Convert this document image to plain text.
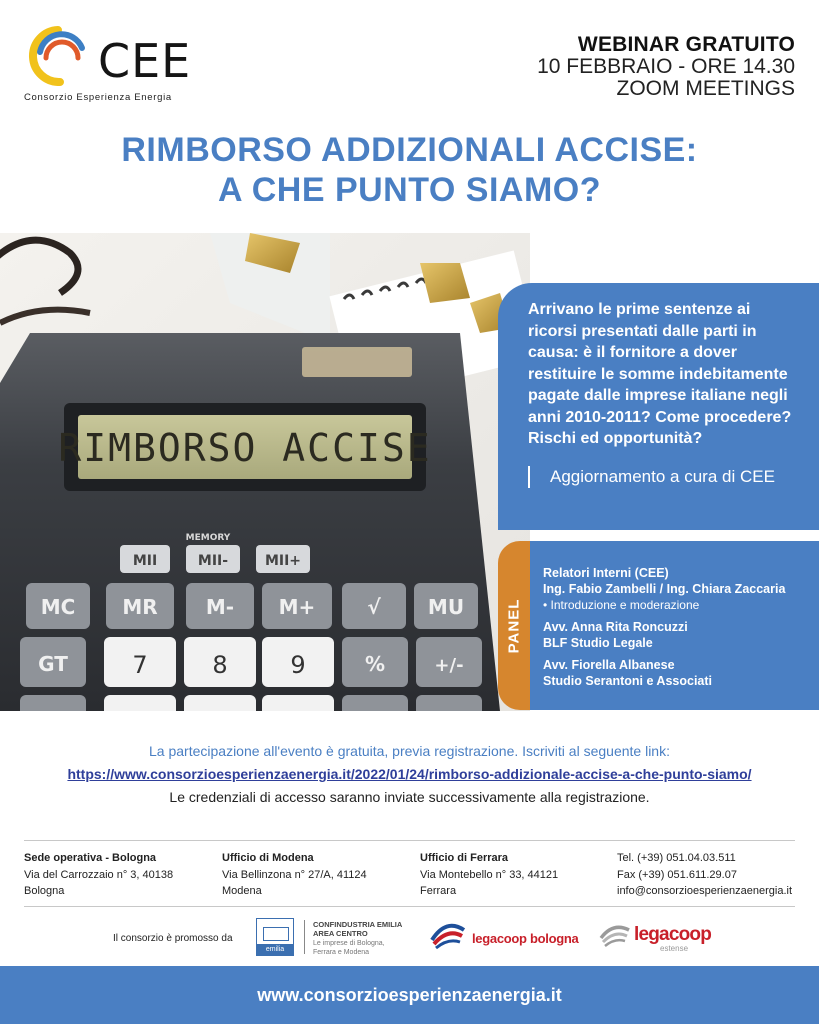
CEE
Consorzio Esperienza Energia
WEBINAR GRATUITO
10 FEBBRAIO - ORE 14.30
ZOOM MEETINGS
RIMBORSO ADDIZIONALI ACCISE:
A CHE PUNTO SIAMO?
RIMBORSO ACCISE
MEMORY
MII	MII-	MII+
MC MR M- M+	√ MU
GT	7	8	9	%	+/-
Arrivano le prime sentenze ai ricorsi presentati dalle parti in causa: è il fornitore a dover restituire le somme indebitamente pagate dalle imprese italiane negli anni 2010-2011? Come procedere? Rischi ed opportunità?
Aggiornamento a cura di CEE
PANEL
Relatori Interni (CEE)
Ing. Fabio Zambelli / Ing. Chiara Zaccaria
• Introduzione e moderazione
Avv. Anna Rita Roncuzzi
BLF Studio Legale
Avv. Fiorella Albanese
Studio Serantoni e Associati
La partecipazione all'evento è gratuita, previa registrazione. Iscriviti al seguente link:
https://www.consorzioesperienzaenergia.it/2022/01/24/rimborso-addizionale-accise-a-che-punto-siamo/
Le credenziali di accesso saranno inviate successivamente alla registrazione.
Sede operativa - Bologna
Via del Carrozzaio n° 3, 40138
Bologna
Ufficio di Modena
Via Bellinzona n° 27/A, 41124
Modena
Ufficio di Ferrara
Via Montebello n° 33, 44121
Ferrara
Tel. (+39) 051.04.03.511
Fax (+39) 051.611.29.07
info@consorzioesperienzaenergia.it
Il consorzio è promosso da
emilia
CONFINDUSTRIA EMILIA
AREA CENTRO
Le imprese di Bologna,
Ferrara e Modena
legacoop bologna	legacoop
estense
www.consorzioesperienzaenergia.it
